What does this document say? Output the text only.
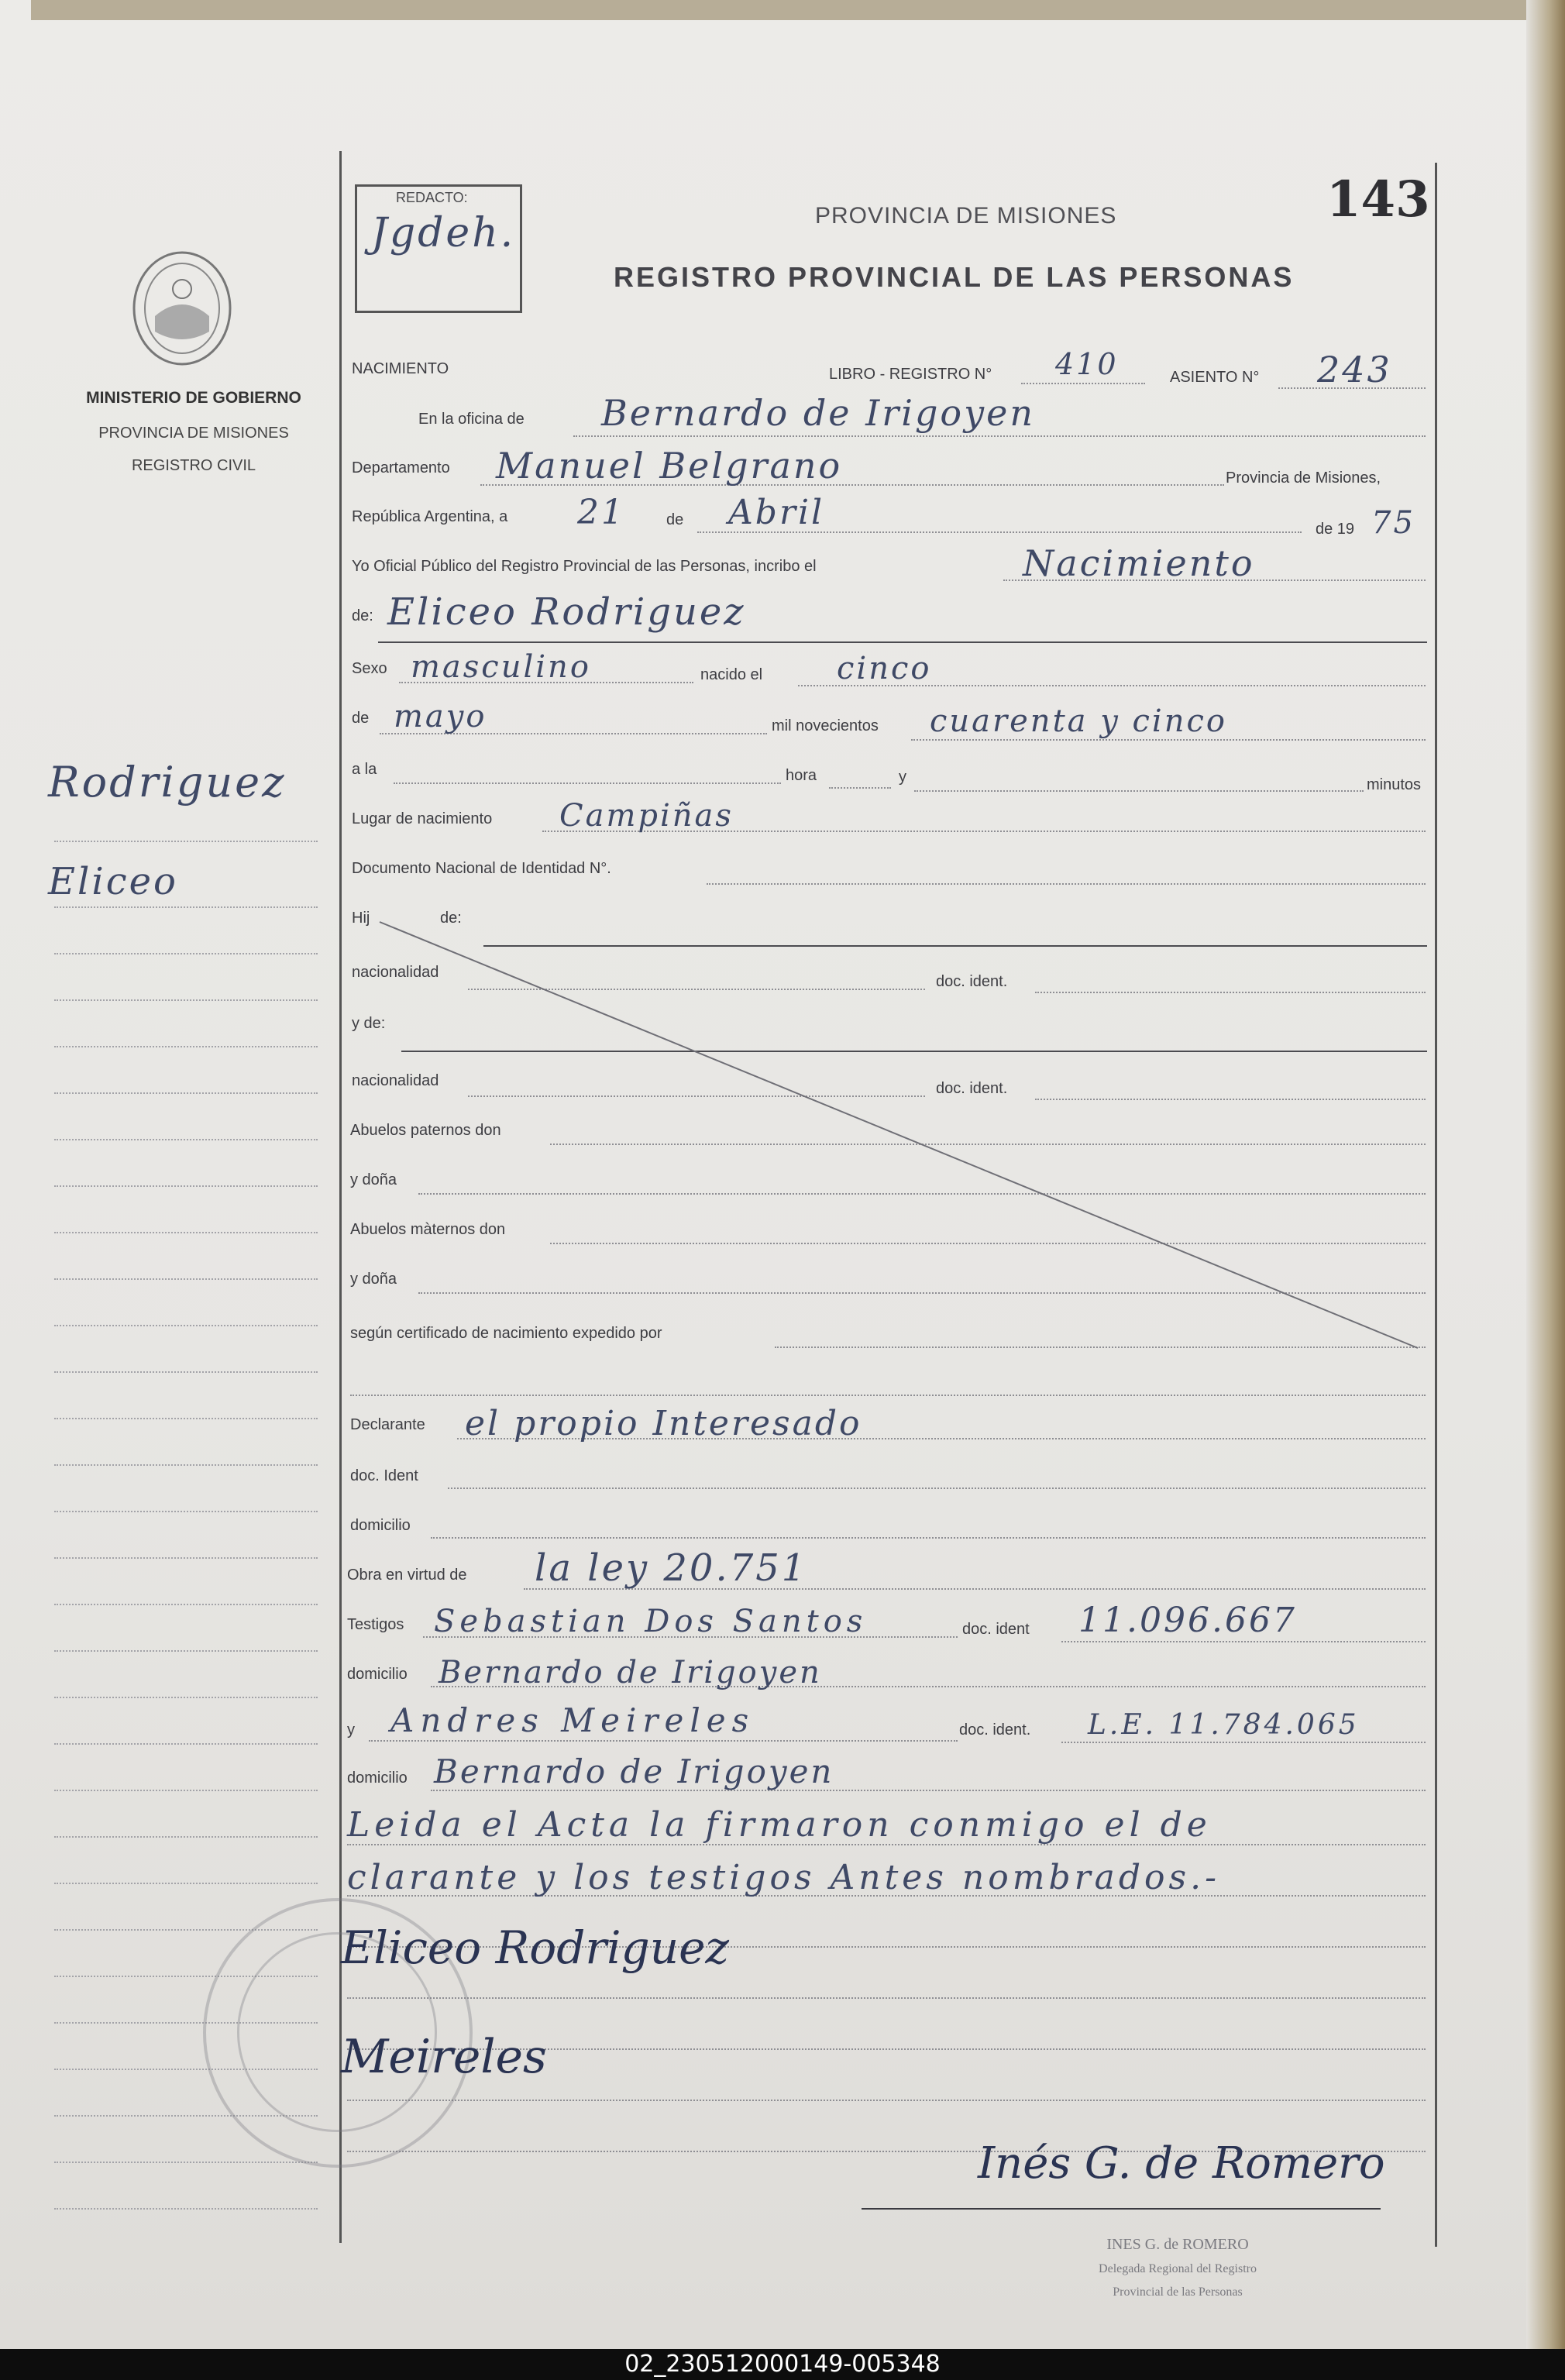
MINISTERIO DE GOBIERNO
PROVINCIA DE MISIONES
REGISTRO CIVIL
Rodriguez
Eliceo
REDACTO:
Jgdeh.	PROVINCIA DE MISIONES
REGISTRO PROVINCIAL DE LAS PERSONAS
143
NACIMIENTO	LIBRO - REGISTRO N° 410	ASIENTO N° 243
En la oficina de Bernardo de Irigoyen
Departamento Manuel Belgrano	Provincia de Misiones,
República Argentina, a 21	de Abril	de 19 75
Yo Oficial Público del Registro Provincial de las Personas, incribo el	Nacimiento
de: Eliceo Rodriguez
Sexo masculino	nacido el cinco
de mayo	mil novecientos cuarenta y cinco
a la	hora	y	minutos
Lugar de nacimiento Campiñas
Documento Nacional de Identidad N°.
Hij	de:
nacionalidad
doc. ident.
y de:
nacionalidad	doc. ident.
Abuelos paternos don
y doña
Abuelos màternos don
y doña
según certificado de nacimiento expedido por
Declarante el propio Interesado
doc. Ident
domicilio
Obra en virtud de la ley 20.751
Testigos Sebastian Dos Santos	doc. ident 11.096.667
domicilio Bernardo de Irigoyen
y Andres Meireles	doc. ident. L.E. 11.784.065
domicilio Bernardo de Irigoyen
Leida el Acta la firmaron conmigo el de
clarante y los testigos Antes nombrados.-
Eliceo Rodriguez
Meireles
Inés G. de Romero
INES G. de ROMERO
Delegada Regional del Registro
Provincial de las Personas
02_230512000149-005348
